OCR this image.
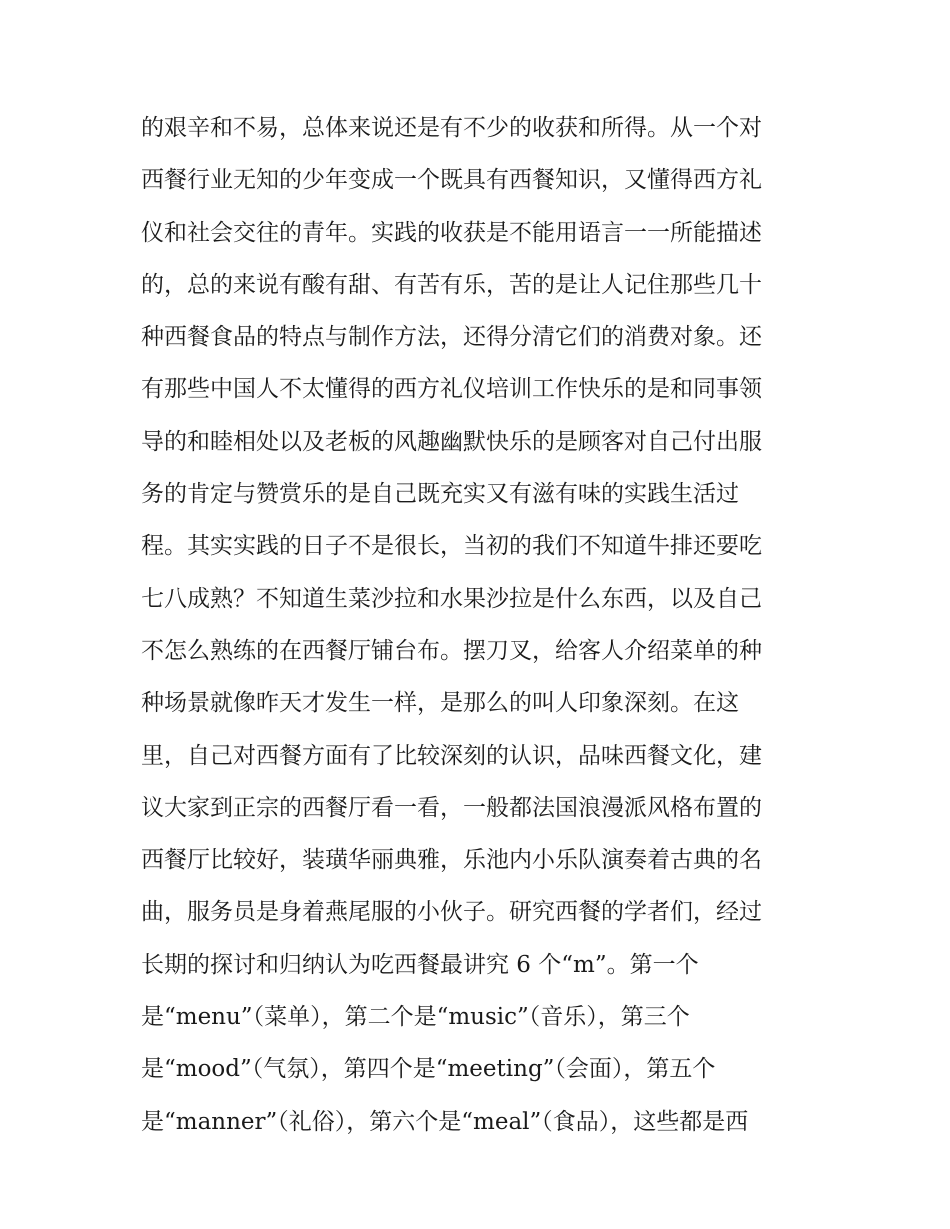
的艰辛和不易，总体来说还是有不少的收获和所得。从一个对
西餐行业无知的少年变成一个既具有西餐知识，又懂得西方礼
仪和社会交往的青年。实践的收获是不能用语言一一所能描述
的，总的来说有酸有甜、有苦有乐，苦的是让人记住那些几十
种西餐食品的特点与制作方法，还得分清它们的消费对象。还
有那些中国人不太懂得的西方礼仪培训工作快乐的是和同事领
导的和睦相处以及老板的风趣幽默快乐的是顾客对自己付出服
务的肯定与赞赏乐的是自己既充实又有滋有味的实践生活过
程。其实实践的日子不是很长，当初的我们不知道牛排还要吃
七八成熟？不知道生菜沙拉和水果沙拉是什么东西，以及自己
不怎么熟练的在西餐厅铺台布。摆刀叉，给客人介绍菜单的种
种场景就像昨天才发生一样，是那么的叫人印象深刻。在这
里，自己对西餐方面有了比较深刻的认识，品味西餐文化，建
议大家到正宗的西餐厅看一看，一般都法国浪漫派风格布置的
西餐厅比较好，装璜华丽典雅，乐池内小乐队演奏着古典的名
曲，服务员是身着燕尾服的小伙子。研究西餐的学者们，经过
长期的探讨和归纳认为吃西餐最讲究 6 个“m”。第一个
是“menu”（菜单），第二个是“music”（音乐），第三个
是“mood”（气氛），第四个是“meeting”（会面），第五个
是“manner”（礼俗），第六个是“meal”（食品），这些都是西
